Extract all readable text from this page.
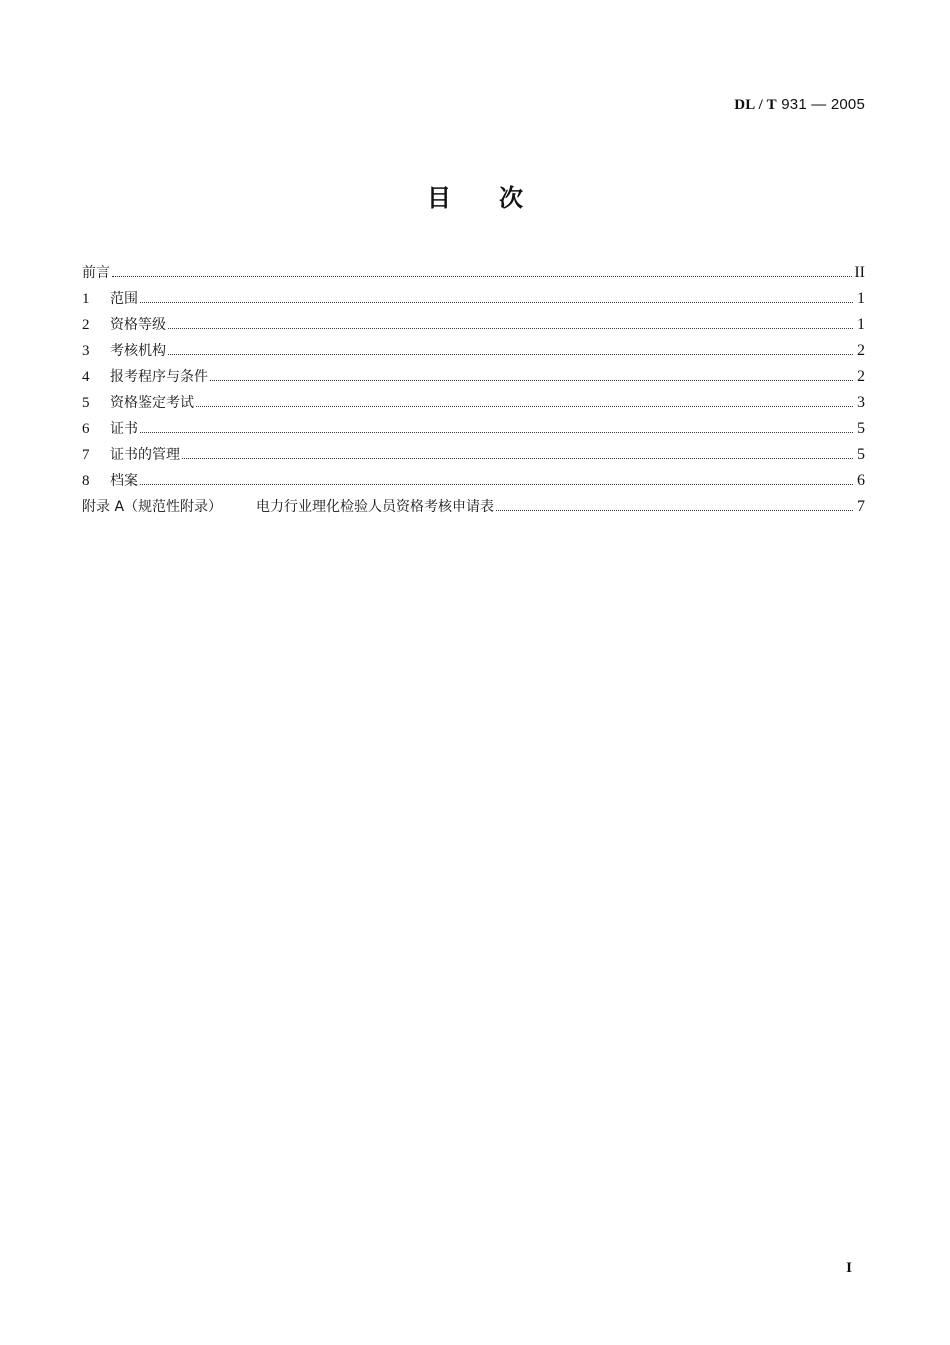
DL / T 931 — 2005
目次
前言	II
1	范围	1
2	资格等级	1
3	考核机构	2
4	报考程序与条件	2
5	资格鉴定考试	3
6	证书	5
7	证书的管理	5
8	档案	6
附录 A（规范性附录） 电力行业理化检验人员资格考核申请表	7
I
